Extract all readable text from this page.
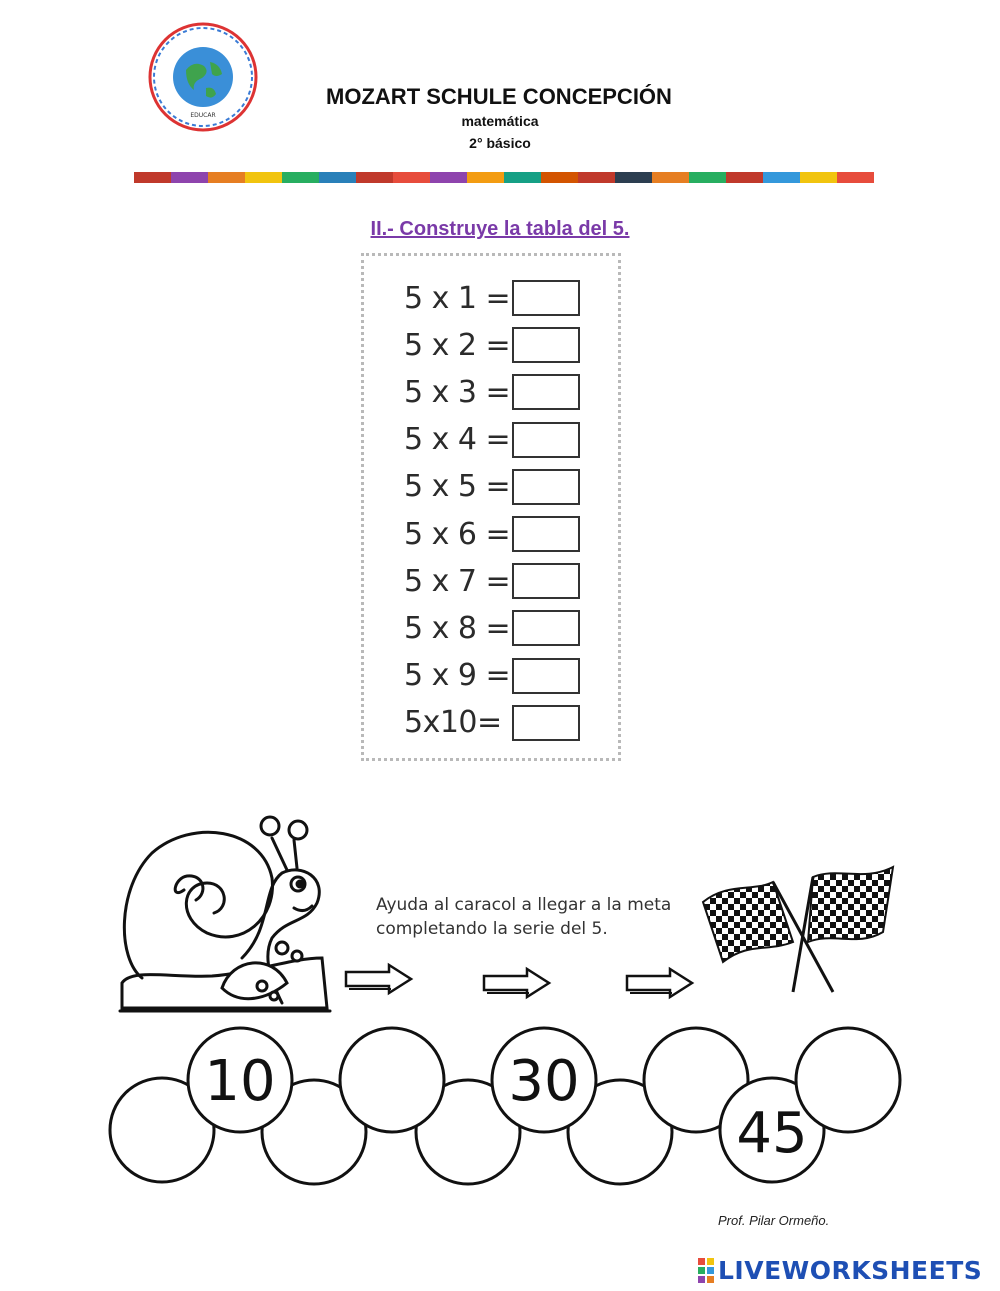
EDUCAR
MOZART SCHULE CONCEPCIÓN
matemática
2° básico
II.- Construye la tabla del 5.
5 x 1 =
5 x 2 =
5 x 3 =
5 x 4 =
5 x 5 =
5 x 6 =
5 x 7 =
5 x 8 =
5 x 9 =
5x10=
Ayuda al caracol a llegar a la meta
completando la serie del 5.
10	30
45
Prof. Pilar Ormeño.
LIVEWORKSHEETS
